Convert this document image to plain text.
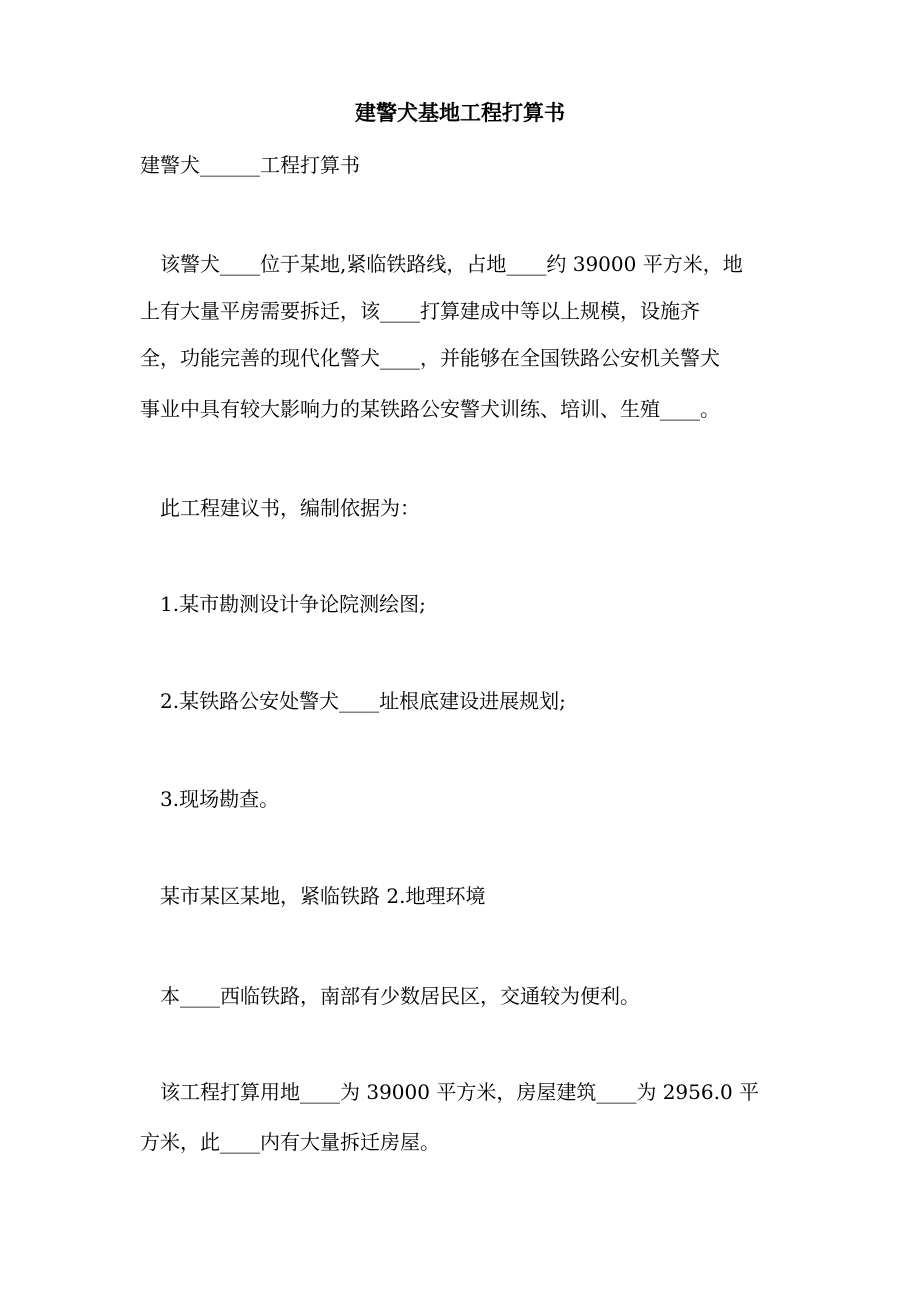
建警犬基地工程打算书
建警犬______工程打算书
该警犬____位于某地,紧临铁路线，占地____约 39000 平方米，地
上有大量平房需要拆迁，该____打算建成中等以上规模，设施齐
全，功能完善的现代化警犬____，并能够在全国铁路公安机关警犬
事业中具有较大影响力的某铁路公安警犬训练、培训、生殖____。
此工程建议书，编制依据为：
1.某市勘测设计争论院测绘图;
2.某铁路公安处警犬____址根底建设进展规划;
3.现场勘查。
某市某区某地，紧临铁路 2.地理环境
本____西临铁路，南部有少数居民区，交通较为便利。
该工程打算用地____为 39000 平方米，房屋建筑____为 2956.0 平
方米，此____内有大量拆迁房屋。
